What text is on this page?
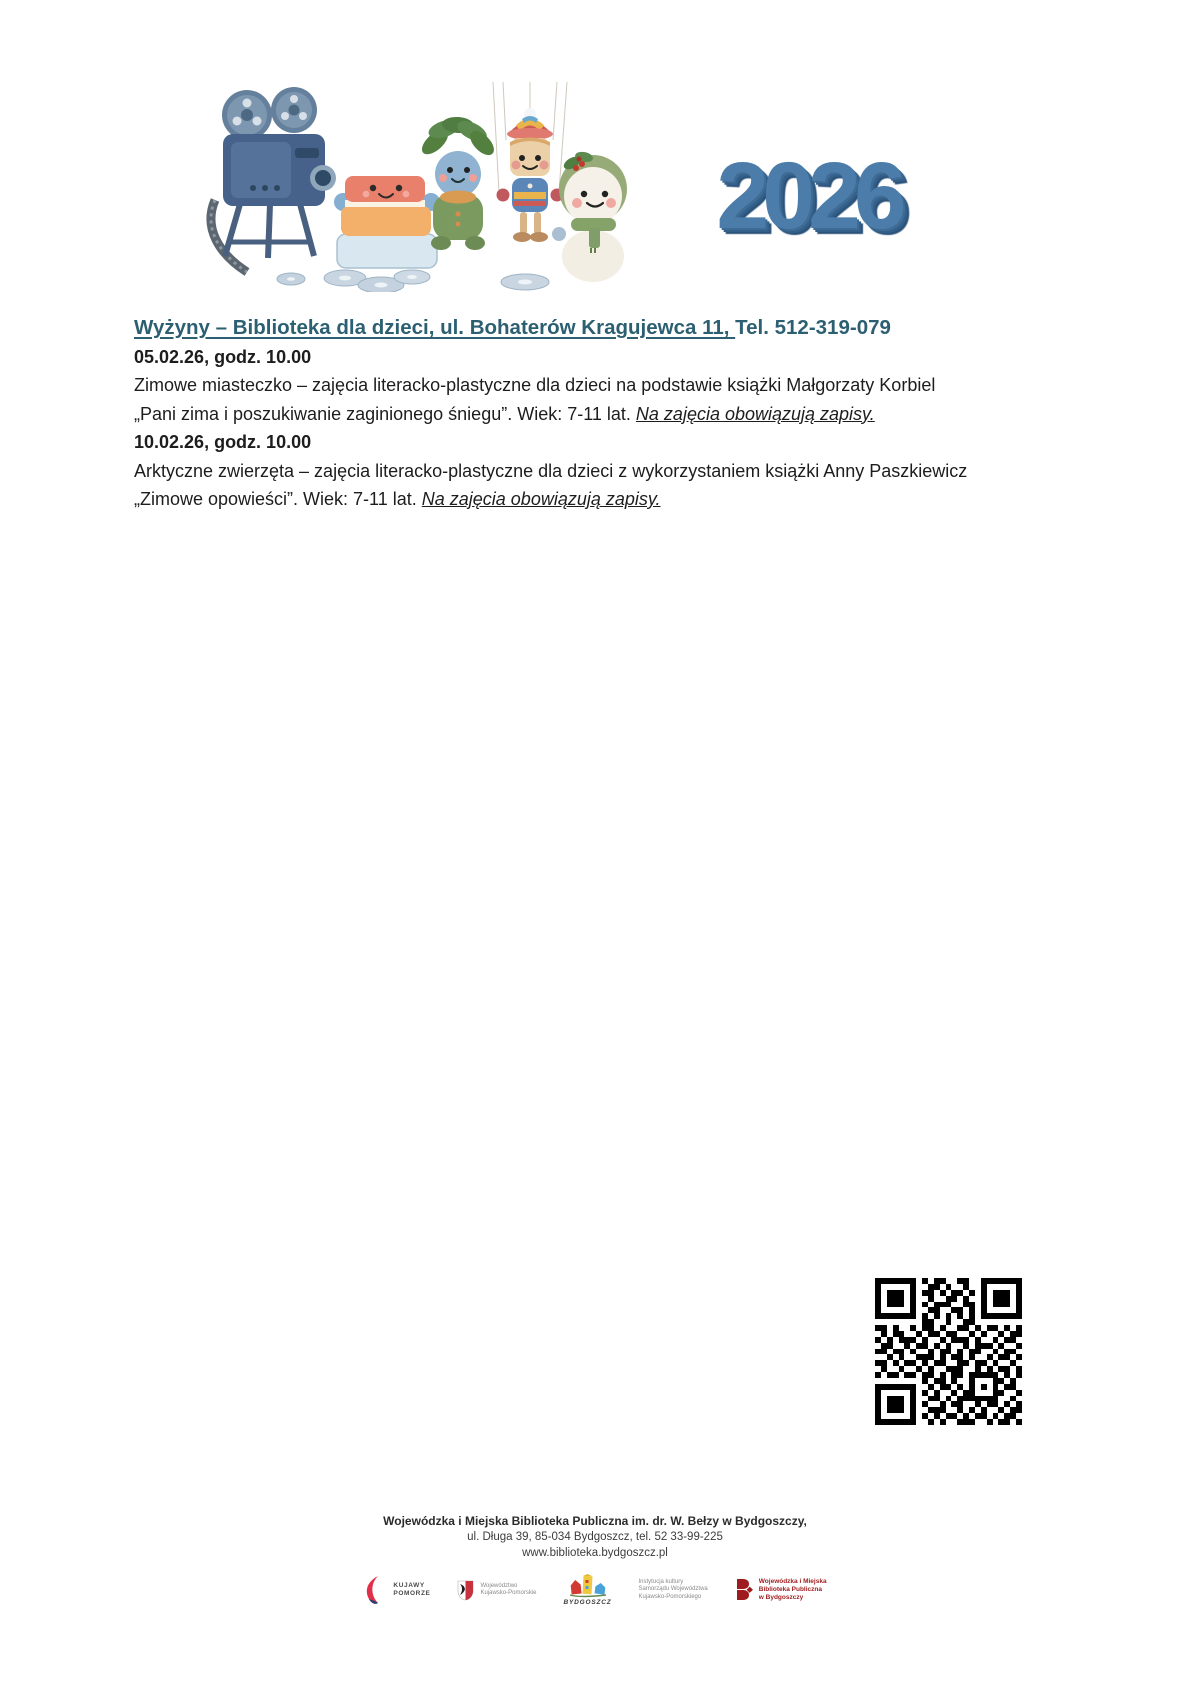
2026
Wyżyny – Biblioteka dla dzieci, ul. Bohaterów Kragujewca 11, Tel. 512-319-079
05.02.26, godz. 10.00

Zimowe miasteczko – zajęcia literacko-plastyczne dla dzieci na podstawie książki Małgorzaty Korbiel „Pani zima i poszukiwanie zaginionego śniegu”. Wiek: 7-11 lat. Na zajęcia obowiązują zapisy.

10.02.26, godz. 10.00

Arktyczne zwierzęta – zajęcia literacko-plastyczne dla dzieci z wykorzystaniem książki Anny Paszkiewicz „Zimowe opowieści”. Wiek: 7-11 lat. Na zajęcia obowiązują zapisy.

Wojewódzka i Miejska Biblioteka Publiczna im. dr. W. Bełzy w Bydgoszczy,
ul. Długa 39, 85-034 Bydgoszcz, tel. 52 33-99-225
www.biblioteka.bydgoszcz.pl
KUJAWY
POMORZE
Województwo
Kujawsko-Pomorskie
BYDGOSZCZ
Instytucja kultury
Samorządu Województwa
Kujawsko-Pomorskiego
Wojewódzka i Miejska
Biblioteka Publiczna
w Bydgoszczy
